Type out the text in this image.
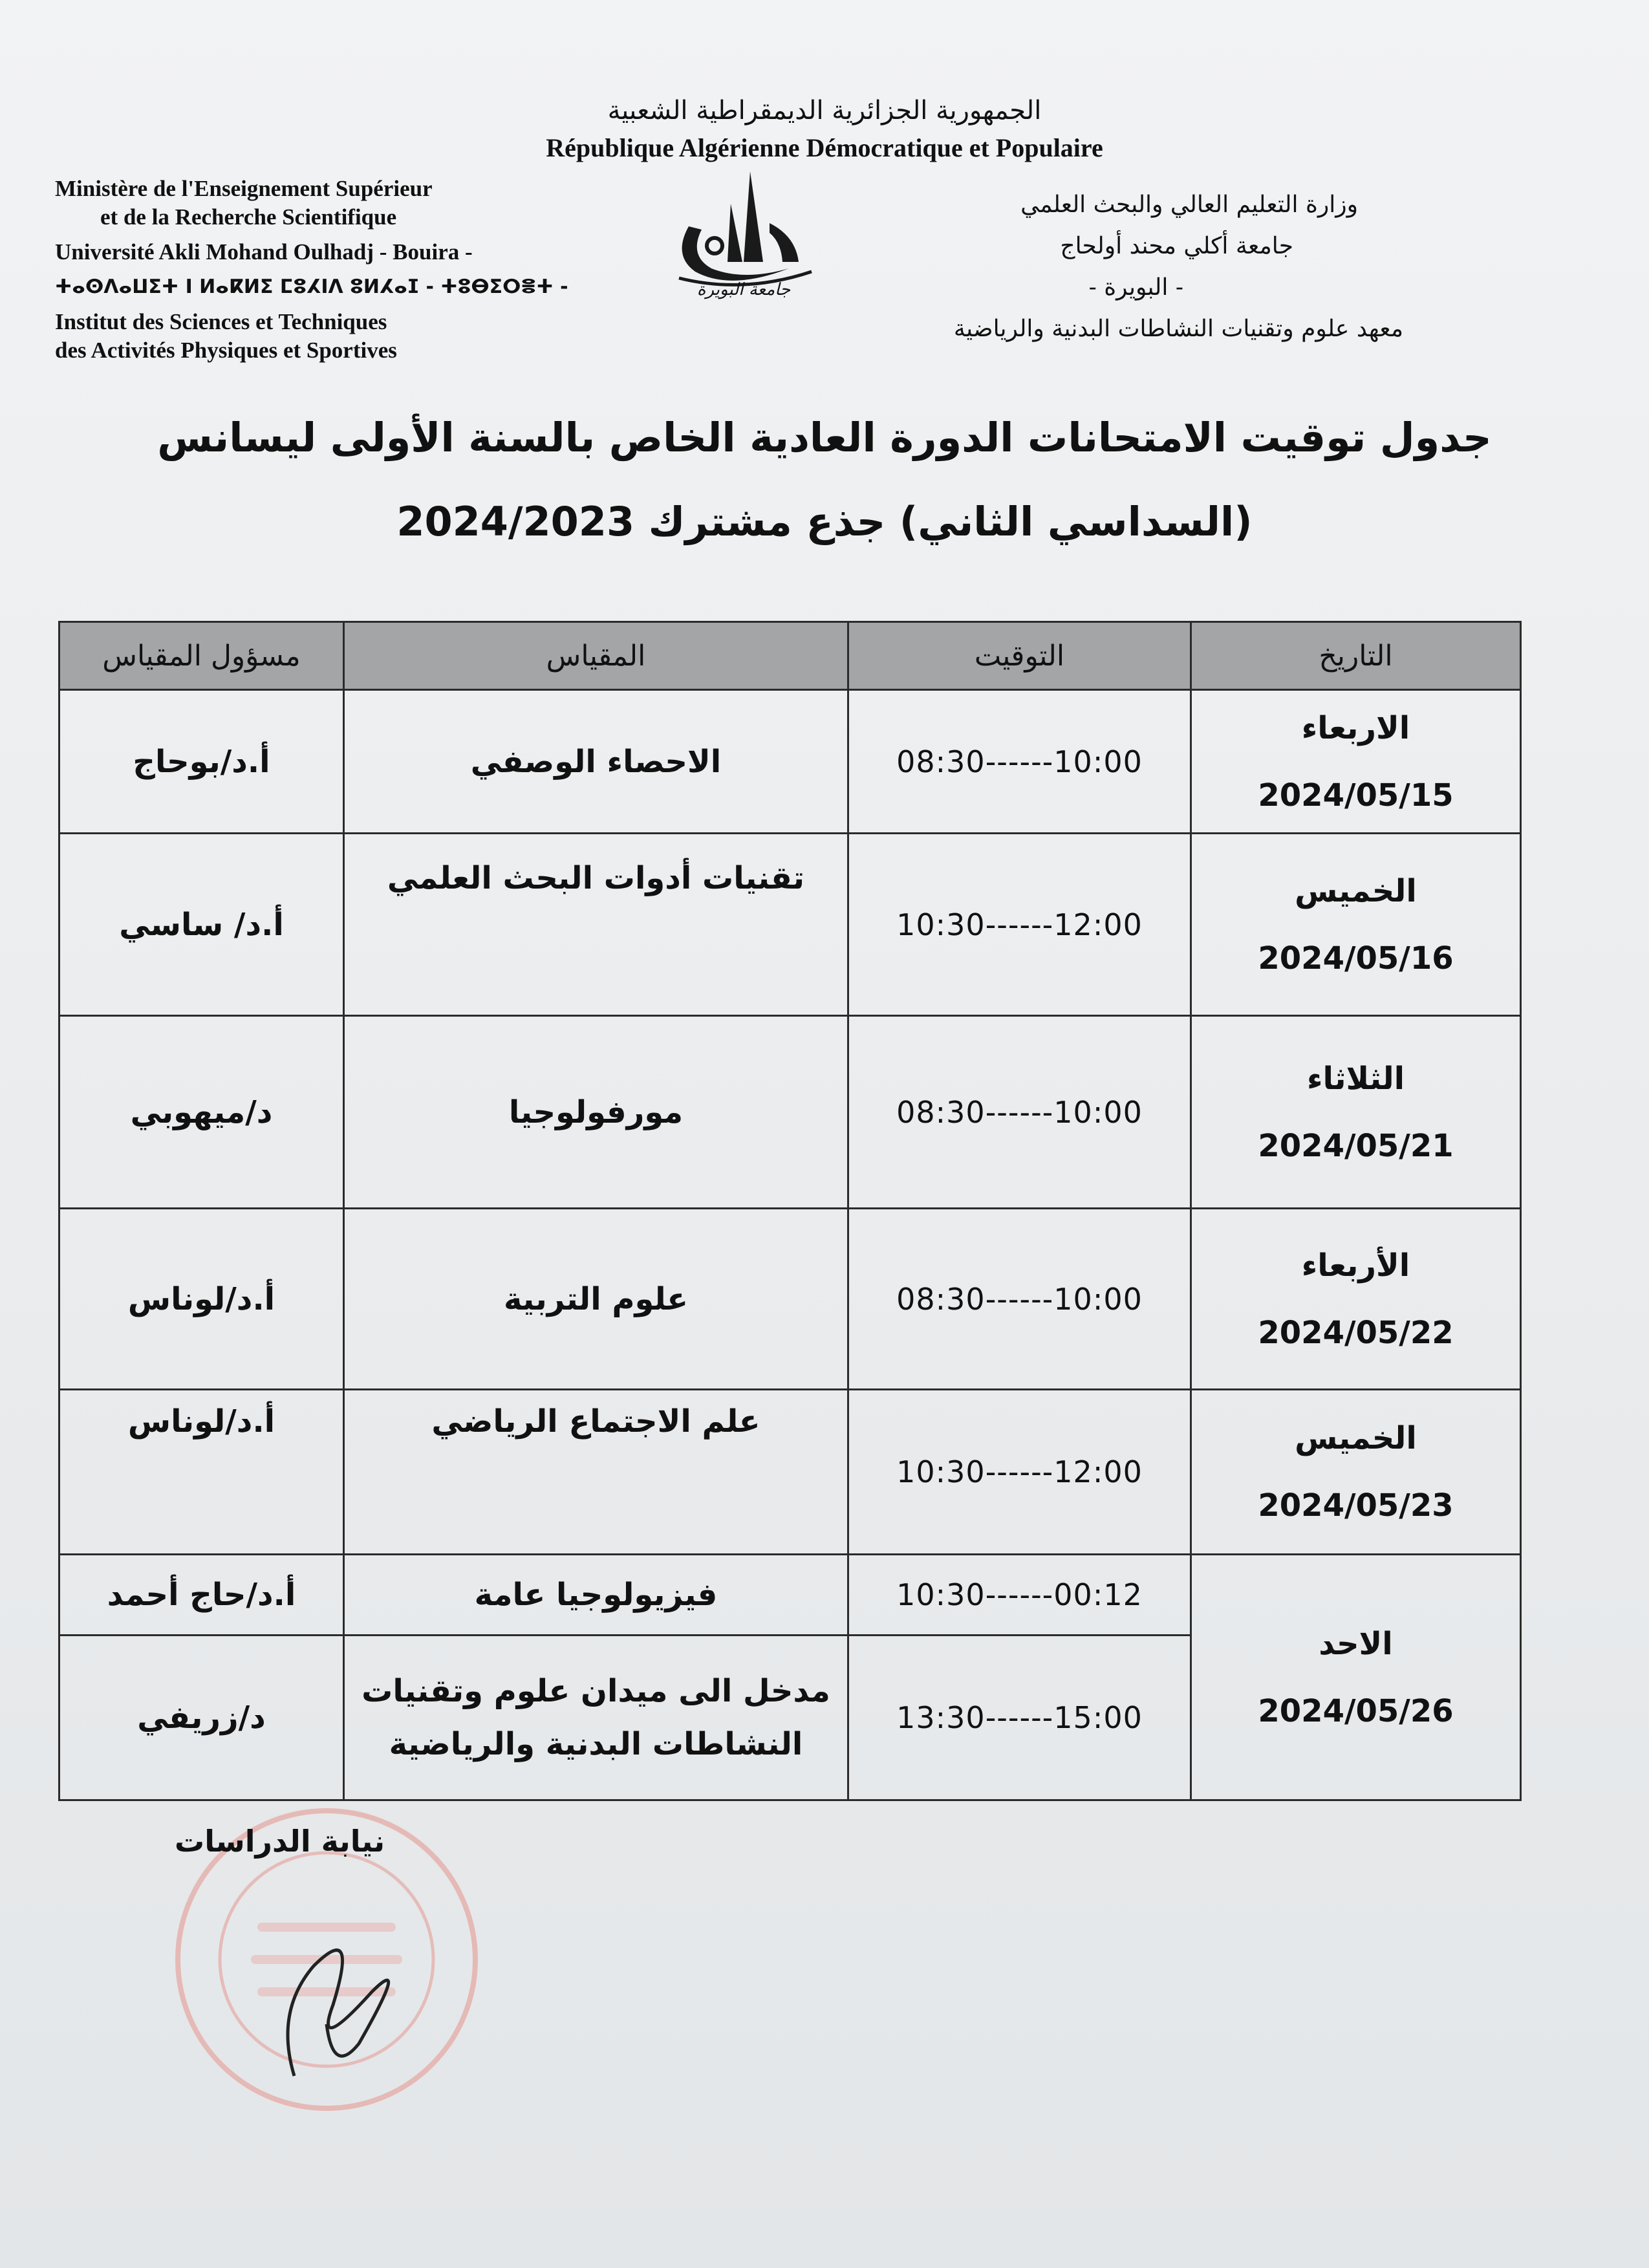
الجمهورية الجزائرية الديمقراطية الشعبية
République Algérienne Démocratique et Populaire
Ministère de l'Enseignement Supérieur
et de la Recherche Scientifique
Université Akli Mohand Oulhadj - Bouira -
ⵜⴰⵙⴷⴰⵡⵉⵜ ⵏ ⵍⴰⴽⵍⵉ ⵎⵓⵃⵏⴷ ⵓⵍⵃⴰⵊ - ⵜⵓⴱⵉⵔⴻⵜ -
Institut des Sciences et Techniques
des Activités Physiques et Sportives
جامعة البويرة
وزارة التعليم العالي والبحث العلمي
جامعة أكلي محند أولحاج
- البويرة -
معهد علوم وتقنيات النشاطات البدنية والرياضية
جدول توقيت الامتحانات الدورة العادية الخاص بالسنة الأولى ليسانس
(السداسي الثاني) جذع مشترك 2024/2023
التاريخ	التوقيت	المقياس	مسؤول المقياس

الاربعاء
2024/05/15	08:30------10:00	الاحصاء الوصفي	أ.د/بوحاج

الخميس
2024/05/16	10:30------12:00	تقنيات أدوات البحث العلمي	أ.د/ ساسي

الثلاثاء
2024/05/21	08:30------10:00	مورفولوجيا	د/ميهوبي

الأربعاء
2024/05/22	08:30------10:00	علوم التربية	أ.د/لوناس

الخميس
2024/05/23	10:30------12:00	علم الاجتماع الرياضي	أ.د/لوناس

الاحد
2024/05/26	10:30------00:12	فيزيولوجيا عامة	أ.د/حاج أحمد
	13:30------15:00	مدخل الى ميدان علوم وتقنيات
النشاطات البدنية والرياضية	د/زريفي
نيابة الدراسات
